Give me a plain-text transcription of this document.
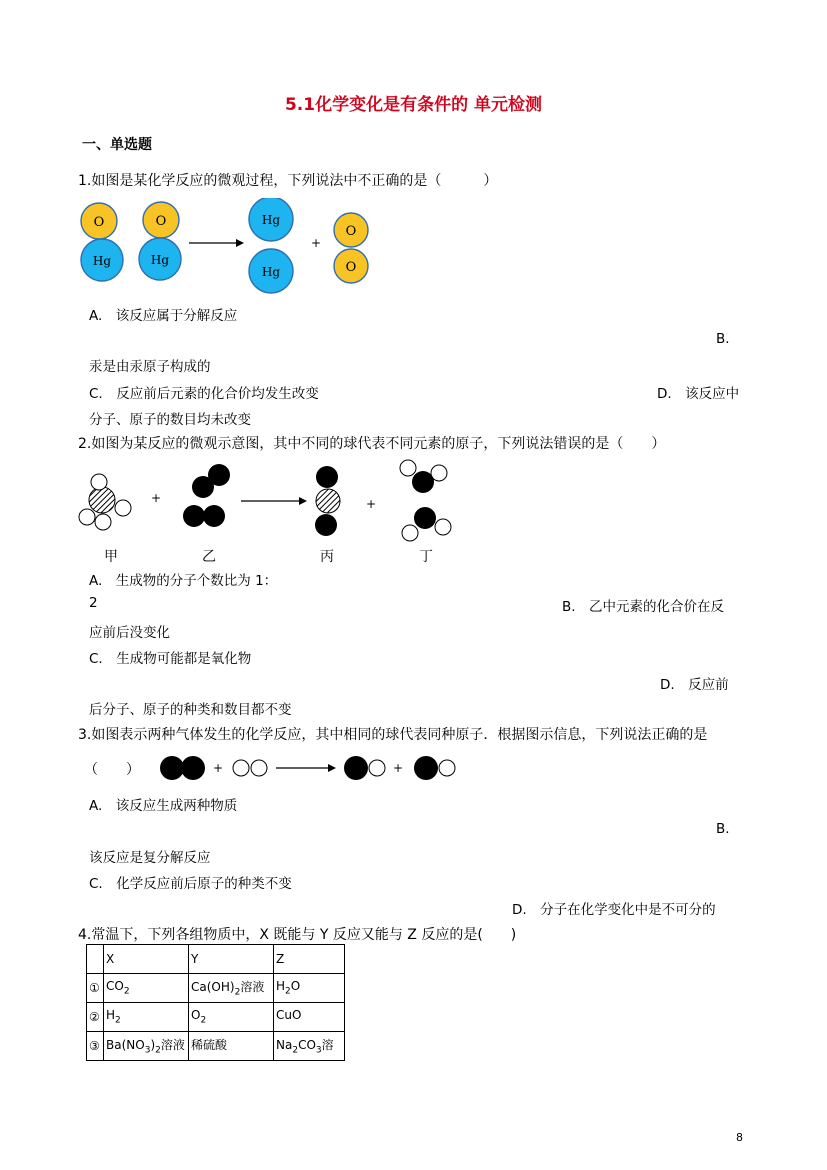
5.1化学变化是有条件的 单元检测
一、单选题
1.如图是某化学反应的微观过程，下列说法中不正确的是（　　　）
O
Hg
O
Hg
Hg
Hg
+
O
O
A.　该反应属于分解反应
B.
汞是由汞原子构成的
C.　反应前后元素的化合价均发生改变	D.　该反应中
分子、原子的数目均未改变
2.如图为某反应的微观示意图，其中不同的球代表不同元素的原子，下列说法错误的是（　　）
+	+
甲	乙	丙	丁
A.　生成物的分子个数比为 1：
2	B.　乙中元素的化合价在反
应前后没变化
C.　生成物可能都是氧化物
D.　反应前
后分子、原子的种类和数目都不变
3.如图表示两种气体发生的化学反应，其中相同的球代表同种原子．根据图示信息，下列说法正确的是
（　　）	+	+
A.　该反应生成两种物质
B.
该反应是复分解反应
C.　化学反应前后原子的种类不变
D.　分子在化学变化中是不可分的
4.常温下，下列各组物质中，X 既能与 Y 反应又能与 Z 反应的是(　　)
	X	Y	Z
①	$CO_2$	$Ca(OH)_2$溶液	$H_2O$
②	$H_2$	$O_2$	CuO
③	$Ba(NO_3)_2$溶液	稀硫酸	$Na_2CO_3$溶
8
